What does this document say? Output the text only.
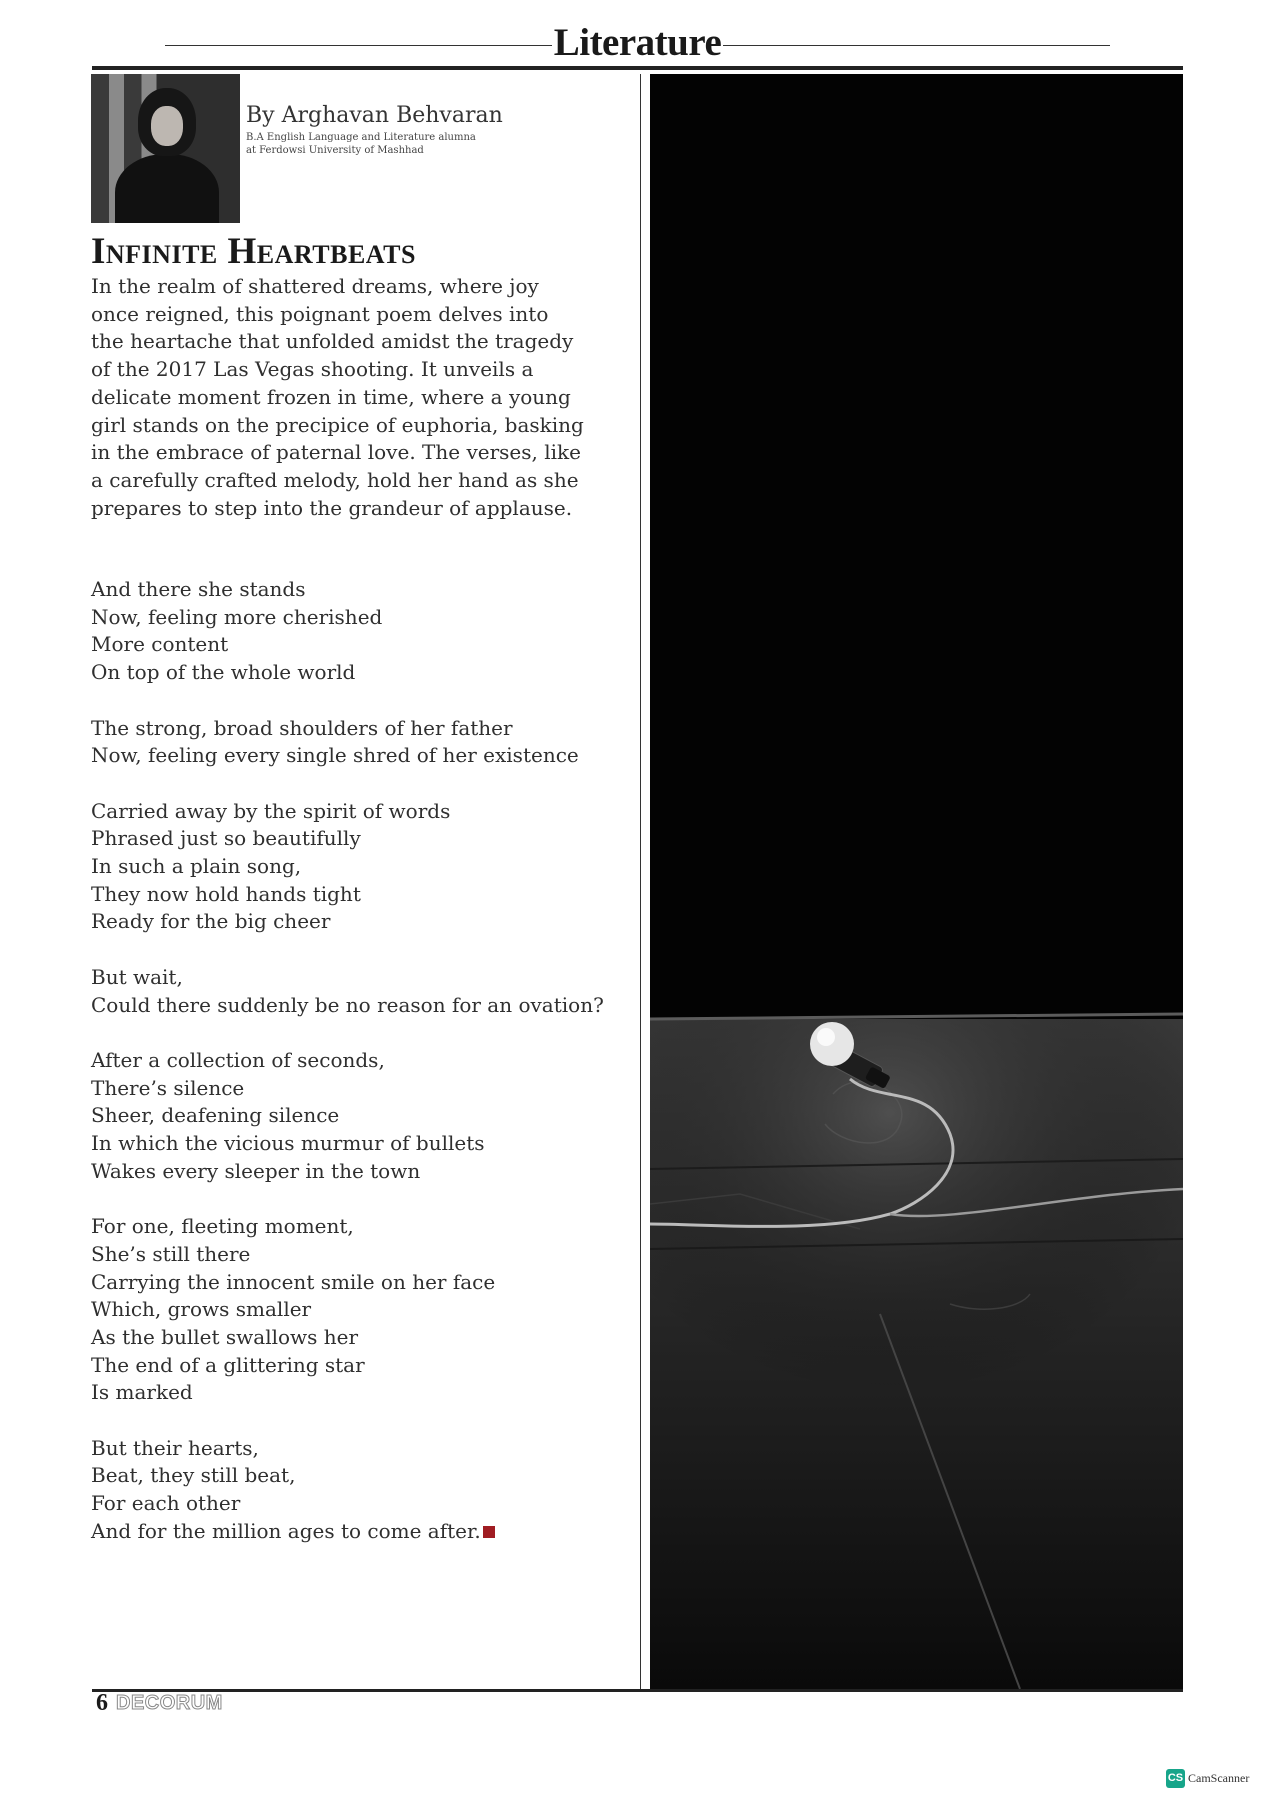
Literature
By Arghavan Behvaran
B.A English Language and Literature alumna
at Ferdowsi University of Mashhad
Infinite Heartbeats
In the realm of shattered dreams, where joy
once reigned, this poignant poem delves into
the heartache that unfolded amidst the tragedy
of the 2017 Las Vegas shooting. It unveils a
delicate moment frozen in time, where a young
girl stands on the precipice of euphoria, basking
in the embrace of paternal love. The verses, like
a carefully crafted melody, hold her hand as she
prepares to step into the grandeur of applause.
And there she stands
Now, feeling more cherished
More content
On top of the whole world
The strong, broad shoulders of her father
Now, feeling every single shred of her existence
Carried away by the spirit of words
Phrased just so beautifully
In such a plain song,
They now hold hands tight
Ready for the big cheer
But wait,
Could there suddenly be no reason for an ovation?
After a collection of seconds,
There’s silence
Sheer, deafening silence
In which the vicious murmur of bullets
Wakes every sleeper in the town
For one, fleeting moment,
She’s still there
Carrying the innocent smile on her face
Which, grows smaller
As the bullet swallows her
The end of a glittering star
Is marked
But their hearts,
Beat, they still beat,
For each other
And for the million ages to come after.
6 DECORUM
CS CamScanner
